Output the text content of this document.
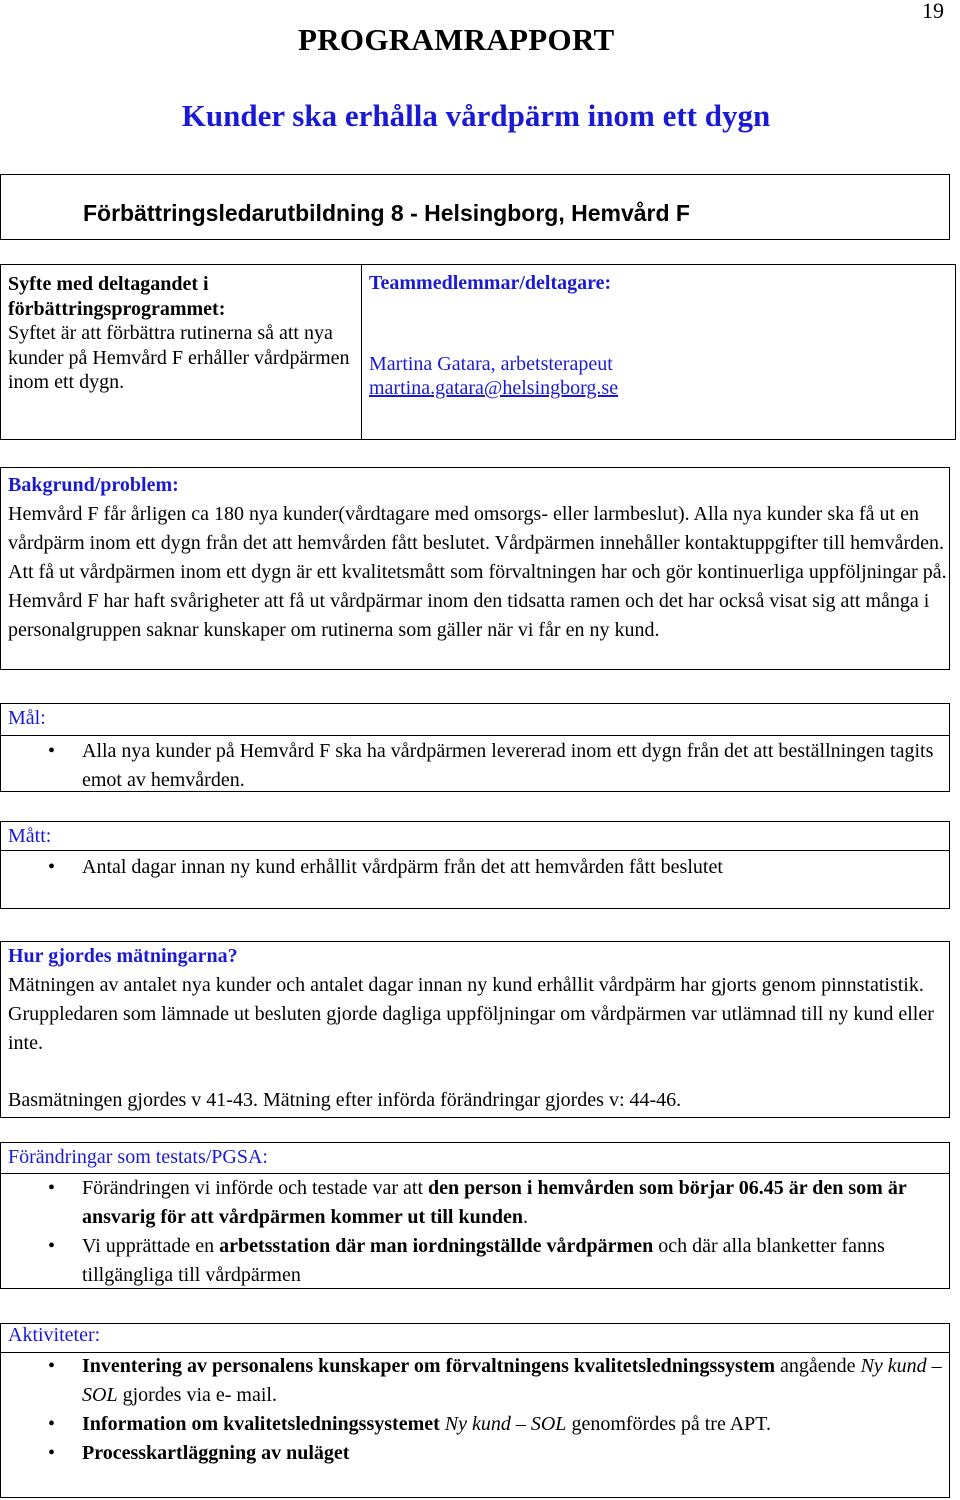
19
PROGRAMRAPPORT
Kunder ska erhålla vårdpärm inom ett dygn
Förbättringsledarutbildning 8 - Helsingborg, Hemvård F
Syfte med deltagandet i
förbättringsprogrammet:
Syftet är att förbättra rutinerna så att nya kunder på Hemvård F erhåller vårdpärmen inom ett dygn.
Teammedlemmar/deltagare:
Martina Gatara, arbetsterapeut
martina.gatara@helsingborg.se
Bakgrund/problem:
Hemvård F får årligen ca 180 nya kunder(vårdtagare med omsorgs- eller larmbeslut). Alla nya kunder ska få ut en vårdpärm inom ett dygn från det att hemvården fått beslutet. Vårdpärmen innehåller kontaktuppgifter till hemvården. Att få ut vårdpärmen inom ett dygn är ett kvalitetsmått som förvaltningen har och gör kontinuerliga uppföljningar på. Hemvård F har haft svårigheter att få ut vårdpärmar inom den tidsatta ramen och det har också visat sig att många i personalgruppen saknar kunskaper om rutinerna som gäller när vi får en ny kund.
Mål:
• Alla nya kunder på Hemvård F ska ha vårdpärmen levererad inom ett dygn från det att beställningen tagits emot av hemvården.
Mått:
• Antal dagar innan ny kund erhållit vårdpärm från det att hemvården fått beslutet
Hur gjordes mätningarna?
Mätningen av antalet nya kunder och antalet dagar innan ny kund erhållit vårdpärm har gjorts genom pinnstatistik. Gruppledaren som lämnade ut besluten gjorde dagliga uppföljningar om vårdpärmen var utlämnad till ny kund eller inte.
Basmätningen gjordes v 41-43. Mätning efter införda förändringar gjordes v: 44-46.
Förändringar som testats/PGSA:
• Förändringen vi införde och testade var att den person i hemvården som börjar 06.45 är den som är ansvarig för att vårdpärmen kommer ut till kunden.
• Vi upprättade en arbetsstation där man iordningställde vårdpärmen och där alla blanketter fanns tillgängliga till vårdpärmen
Aktiviteter:
• Inventering av personalens kunskaper om förvaltningens kvalitetsledningssystem angående Ny kund – SOL gjordes via e- mail.
• Information om kvalitetsledningssystemet Ny kund – SOL genomfördes på tre APT.
• Processkartläggning av nuläget
